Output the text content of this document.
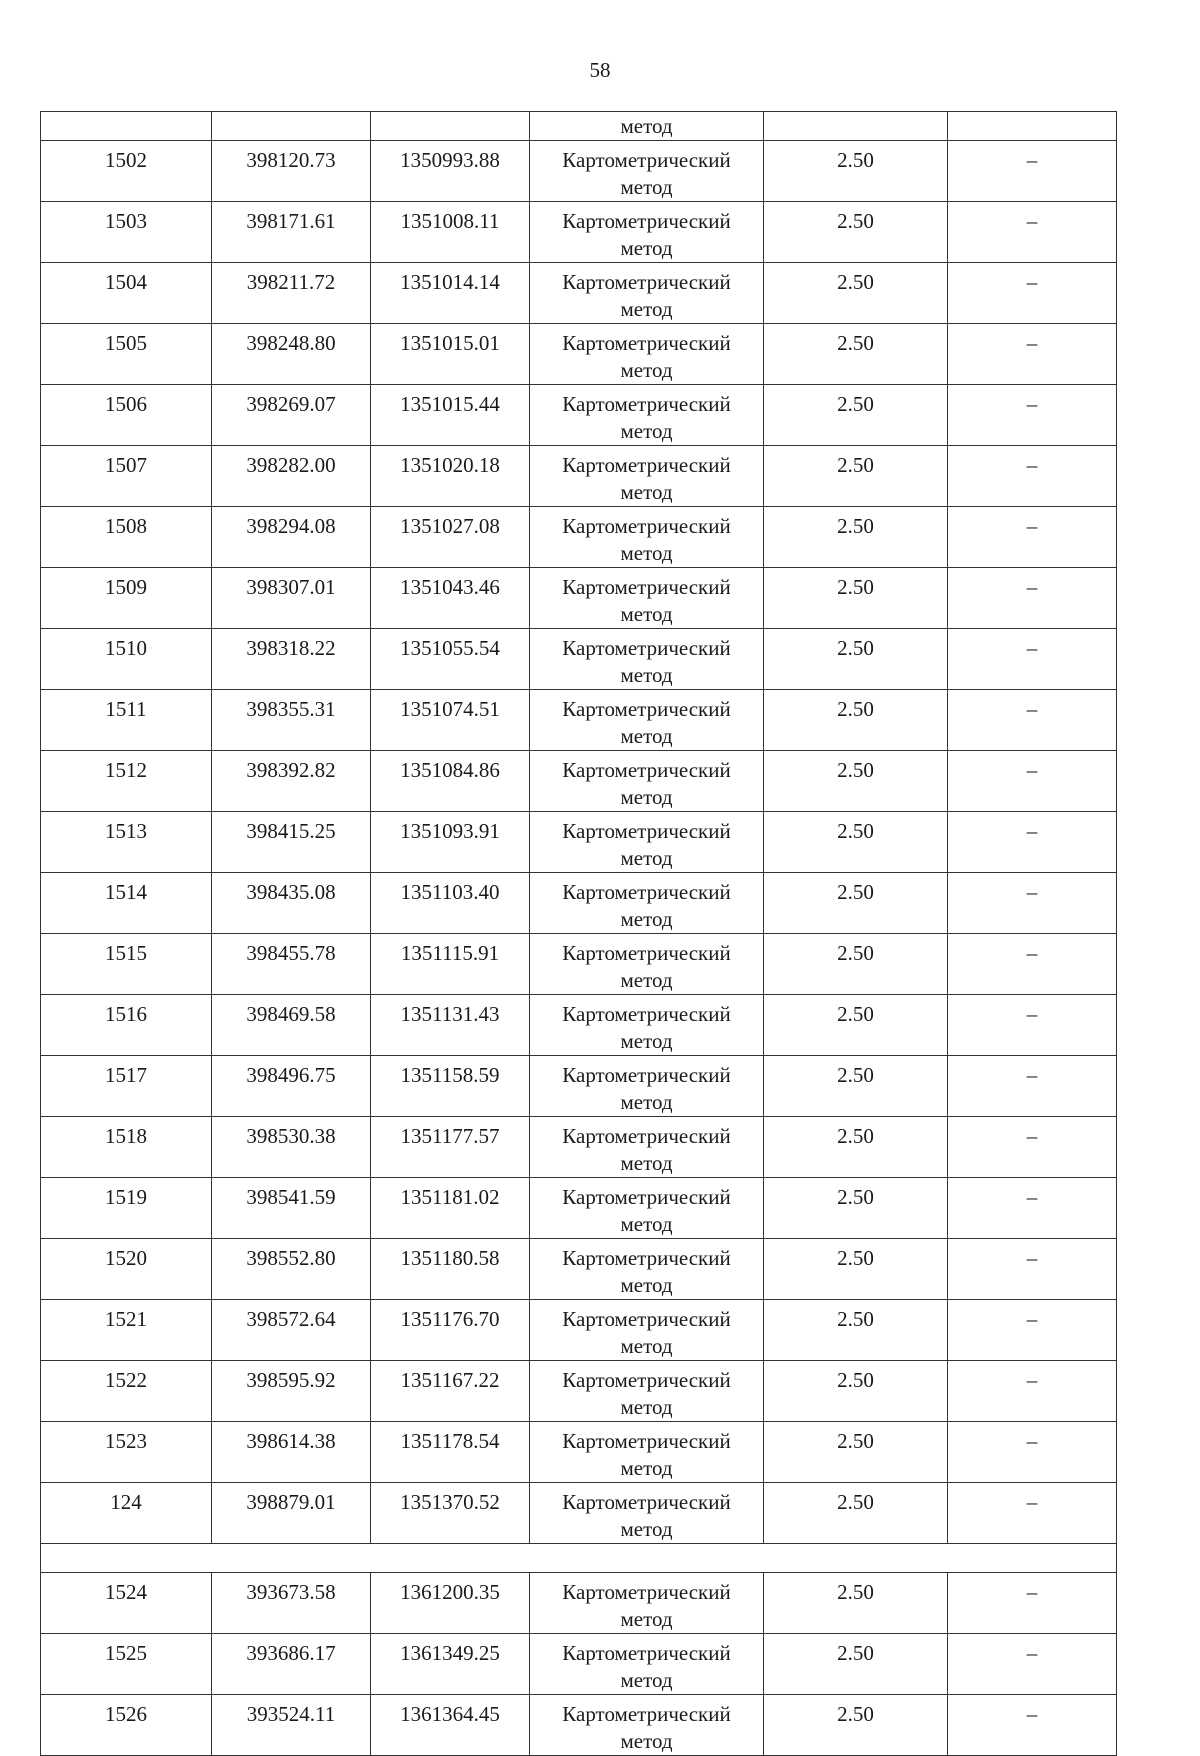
58

			метод		

1502	398120.73	1350993.88	Картометрический
метод	2.50	–

1503	398171.61	1351008.11	Картометрический
метод	2.50	–

1504	398211.72	1351014.14	Картометрический
метод	2.50	–

1505	398248.80	1351015.01	Картометрический
метод	2.50	–

1506	398269.07	1351015.44	Картометрический
метод	2.50	–

1507	398282.00	1351020.18	Картометрический
метод	2.50	–

1508	398294.08	1351027.08	Картометрический
метод	2.50	–

1509	398307.01	1351043.46	Картометрический
метод	2.50	–

1510	398318.22	1351055.54	Картометрический
метод	2.50	–

1511	398355.31	1351074.51	Картометрический
метод	2.50	–

1512	398392.82	1351084.86	Картометрический
метод	2.50	–

1513	398415.25	1351093.91	Картометрический
метод	2.50	–

1514	398435.08	1351103.40	Картометрический
метод	2.50	–

1515	398455.78	1351115.91	Картометрический
метод	2.50	–

1516	398469.58	1351131.43	Картометрический
метод	2.50	–

1517	398496.75	1351158.59	Картометрический
метод	2.50	–

1518	398530.38	1351177.57	Картометрический
метод	2.50	–

1519	398541.59	1351181.02	Картометрический
метод	2.50	–

1520	398552.80	1351180.58	Картометрический
метод	2.50	–

1521	398572.64	1351176.70	Картометрический
метод	2.50	–

1522	398595.92	1351167.22	Картометрический
метод	2.50	–

1523	398614.38	1351178.54	Картометрический
метод	2.50	–

124	398879.01	1351370.52	Картометрический
метод	2.50	–

1524	393673.58	1361200.35	Картометрический
метод	2.50	–

1525	393686.17	1361349.25	Картометрический
метод	2.50	–

1526	393524.11	1361364.45	Картометрический
метод	2.50	–
